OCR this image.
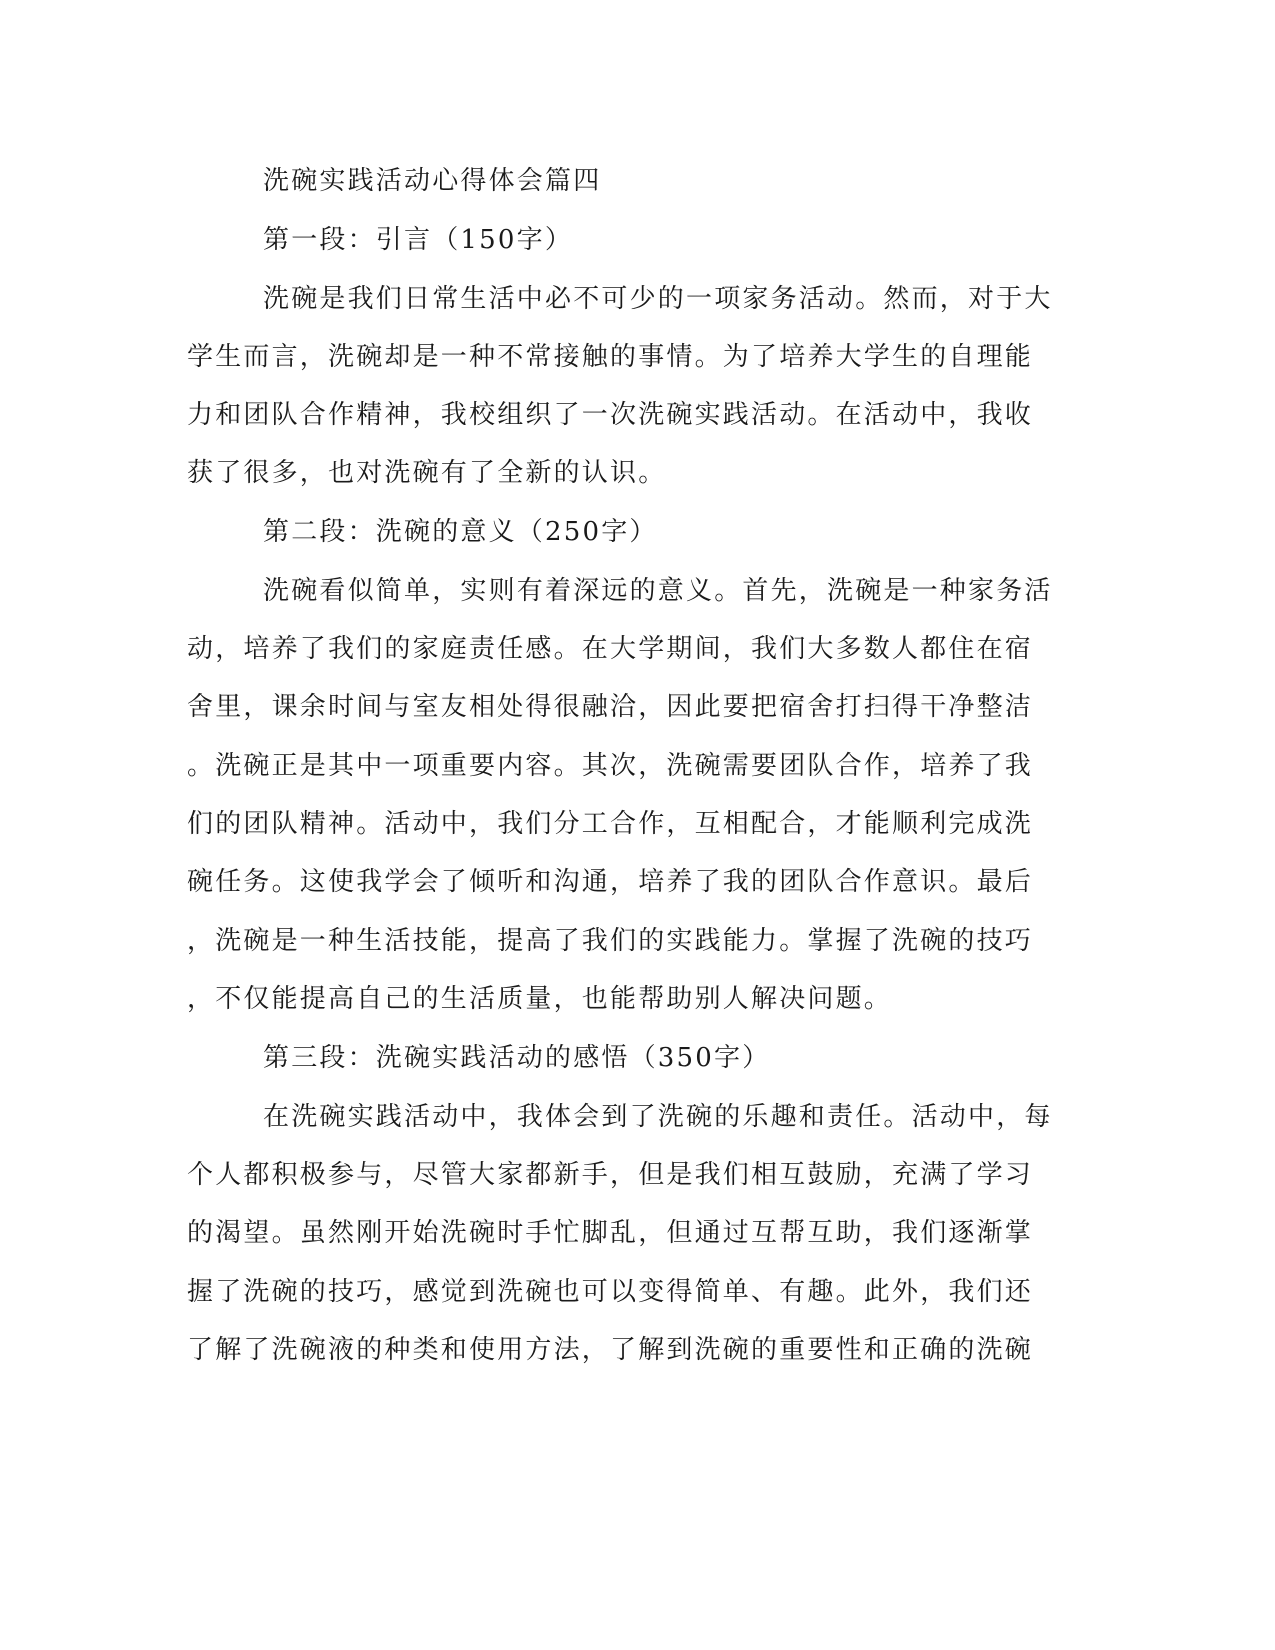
洗碗实践活动心得体会篇四
第一段：引言（150字）
洗碗是我们日常生活中必不可少的一项家务活动。然而，对于大
学生而言，洗碗却是一种不常接触的事情。为了培养大学生的自理能
力和团队合作精神，我校组织了一次洗碗实践活动。在活动中，我收
获了很多，也对洗碗有了全新的认识。
第二段：洗碗的意义（250字）
洗碗看似简单，实则有着深远的意义。首先，洗碗是一种家务活
动，培养了我们的家庭责任感。在大学期间，我们大多数人都住在宿
舍里，课余时间与室友相处得很融洽，因此要把宿舍打扫得干净整洁
。洗碗正是其中一项重要内容。其次，洗碗需要团队合作，培养了我
们的团队精神。活动中，我们分工合作，互相配合，才能顺利完成洗
碗任务。这使我学会了倾听和沟通，培养了我的团队合作意识。最后
，洗碗是一种生活技能，提高了我们的实践能力。掌握了洗碗的技巧
，不仅能提高自己的生活质量，也能帮助别人解决问题。
第三段：洗碗实践活动的感悟（350字）
在洗碗实践活动中，我体会到了洗碗的乐趣和责任。活动中，每
个人都积极参与，尽管大家都新手，但是我们相互鼓励，充满了学习
的渴望。虽然刚开始洗碗时手忙脚乱，但通过互帮互助，我们逐渐掌
握了洗碗的技巧，感觉到洗碗也可以变得简单、有趣。此外，我们还
了解了洗碗液的种类和使用方法，了解到洗碗的重要性和正确的洗碗
